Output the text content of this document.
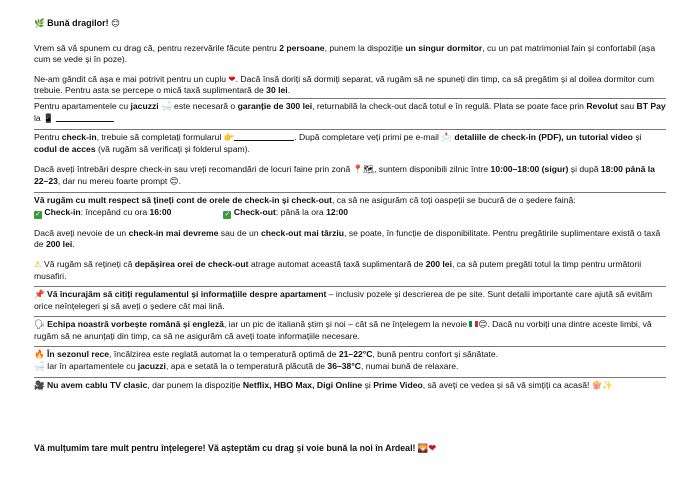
🌿 Bună dragilor! 😊

Vrem să vă spunem cu drag că, pentru rezervările făcute pentru 2 persoane, punem la dispoziție un singur dormitor, cu un pat matrimonial fain și confortabil (așa cum se vede și în poze).

Ne-am gândit că așa e mai potrivit pentru un cuplu ❤. Dacă însă doriți să dormiți separat, vă rugăm să ne spuneți din timp, ca să pregătim și al doilea dormitor cum trebuie. Pentru asta se percepe o mică taxă suplimentară de 30 lei.

Pentru apartamentele cu jacuzzi 🛁 este necesară o garanție de 300 lei, returnabilă la check-out dacă totul e în regulă. Plata se poate face prin Revolut sau BT Pay la 📱

Pentru check-in, trebuie să completați formularul 👉	. După completare veți primi pe e-mail 📩 detaliile de check-in (PDF), un tutorial video și codul de acces (vă rugăm să verificați și folderul spam).

Dacă aveți întrebări despre check-in sau vreți recomandări de locuri faine prin zonă 📍🗺, suntem disponibili zilnic între 10:00–18:00 (sigur) și după 18:00 până la 22–23, dar nu mereu foarte prompt 😊.

Vă rugăm cu mult respect să țineți cont de orele de check-in și check-out, ca să ne asigurăm că toți oaspeții se bucură de o ședere faină:

✓ Check-in: începând cu ora 16:00	✓ Check-out: până la ora 12:00

Dacă aveți nevoie de un check-in mai devreme sau de un check-out mai târziu, se poate, în funcție de disponibilitate. Pentru pregătirile suplimentare există o taxă de 200 lei.

⚠ Vă rugăm să rețineți că depășirea orei de check-out atrage automat această taxă suplimentară de 200 lei, ca să putem pregăti totul la timp pentru următorii musafiri.

📌 Vă încurajăm să citiți regulamentul și informațiile despre apartament – inclusiv pozele și descrierea de pe site. Sunt detalii importante care ajută să evităm orice neînțelegeri și să aveți o ședere cât mai lină.

🗣 Echipa noastră vorbește română și engleză, iar un pic de italiană știm și noi – cât să ne înțelegem la nevoie 😊. Dacă nu vorbiți una dintre aceste limbi, vă rugăm să ne anunțați din timp, ca să ne asigurăm că aveți toate informațiile necesare.

🔥 În sezonul rece, încălzirea este reglată automat la o temperatură optimă de 21–22°C, bună pentru confort și sănătate.

🛁 Iar în apartamentele cu jacuzzi, apa e setată la o temperatură plăcută de 36–38°C, numai bună de relaxare.

🎥 Nu avem cablu TV clasic, dar punem la dispoziție Netflix, HBO Max, Digi Online și Prime Video, să aveți ce vedea și să vă simțiți ca acasă! 🍿✨

Vă mulțumim tare mult pentru înțelegere! Vă așteptăm cu drag și voie bună la noi în Ardeal! 🌄❤
